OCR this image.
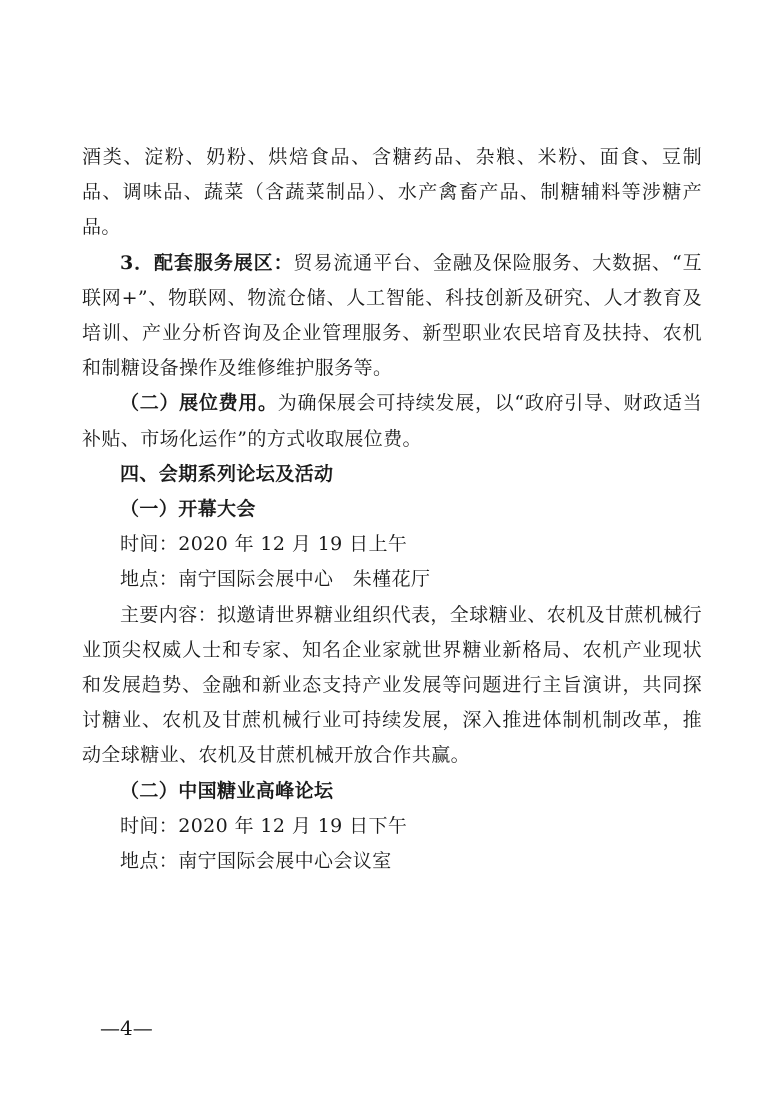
酒类、淀粉、奶粉、烘焙食品、含糖药品、杂粮、米粉、面食、豆制品、调味品、蔬菜（含蔬菜制品）、水产禽畜产品、制糖辅料等涉糖产品。

3．配套服务展区：贸易流通平台、金融及保险服务、大数据、“互联网+”、物联网、物流仓储、人工智能、科技创新及研究、人才教育及培训、产业分析咨询及企业管理服务、新型职业农民培育及扶持、农机和制糖设备操作及维修维护服务等。

（二）展位费用。为确保展会可持续发展，以“政府引导、财政适当补贴、市场化运作”的方式收取展位费。

四、会期系列论坛及活动

（一）开幕大会

时间：2020 年 12 月 19 日上午

地点：南宁国际会展中心　朱槿花厅

主要内容：拟邀请世界糖业组织代表，全球糖业、农机及甘蔗机械行业顶尖权威人士和专家、知名企业家就世界糖业新格局、农机产业现状和发展趋势、金融和新业态支持产业发展等问题进行主旨演讲，共同探讨糖业、农机及甘蔗机械行业可持续发展，深入推进体制机制改革，推动全球糖业、农机及甘蔗机械开放合作共赢。

（二）中国糖业高峰论坛

时间：2020 年 12 月 19 日下午

地点：南宁国际会展中心会议室

—4—
